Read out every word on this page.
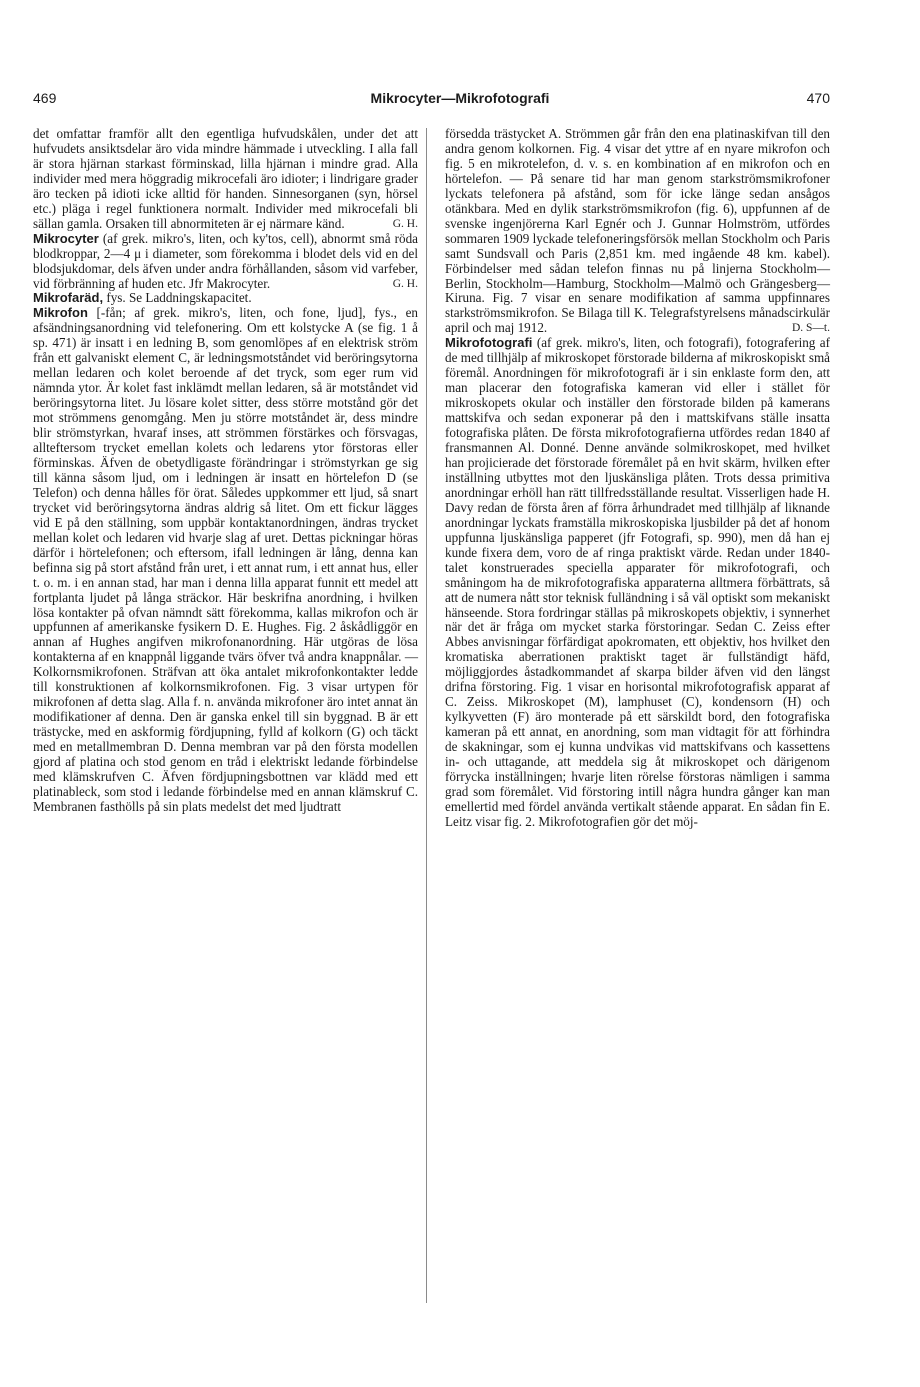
469	Mikrocyter—Mikrofotografi	470

det omfattar framför allt den egentliga hufvudskålen, under det att hufvudets ansiktsdelar äro vida mindre hämmade i utveckling. I alla fall är stora hjärnan starkast förminskad, lilla hjärnan i mindre grad. Alla individer med mera höggradig mikrocefali äro idioter; i lindrigare grader äro tecken på idioti icke alltid för handen. Sinnesorganen (syn, hörsel etc.) pläga i regel funktionera normalt. Individer med mikrocefali bli sällan gamla. Orsaken till abnormiteten är ej närmare känd.	G. H.

Mikrocyter (af grek. mikro's, liten, och ky'tos, cell), abnormt små röda blodkroppar, 2—4 μ i diameter, som förekomma i blodet dels vid en del blodsjukdomar, dels äfven under andra förhållanden, såsom vid varfeber, vid förbränning af huden etc. Jfr Makrocyter.	G. H.

Mikrofaräd, fys. Se Laddningskapacitet.

Mikrofon [-fån; af grek. mikro's, liten, och fone, ljud], fys., en afsändningsanordning vid telefonering. Om ett kolstycke A (se fig. 1 å sp. 471) är insatt i en ledning B, som genomlöpes af en elektrisk ström från ett galvaniskt element C, är ledningsmotståndet vid beröringsytorna mellan ledaren och kolet beroende af det tryck, som eger rum vid nämnda ytor. Är kolet fast inklämdt mellan ledaren, så är motståndet vid beröringsytorna litet. Ju lösare kolet sitter, dess större motstånd gör det mot strömmens genomgång. Men ju större motståndet är, dess mindre blir strömstyrkan, hvaraf inses, att strömmen förstärkes och försvagas, allteftersom trycket emellan kolets och ledarens ytor förstoras eller förminskas. Äfven de obetydligaste förändringar i strömstyrkan ge sig till känna såsom ljud, om i ledningen är insatt en hörtelefon D (se Telefon) och denna hålles för örat. Således uppkommer ett ljud, så snart trycket vid beröringsytorna ändras aldrig så litet. Om ett fickur lägges vid E på den ställning, som uppbär kontaktanordningen, ändras trycket mellan kolet och ledaren vid hvarje slag af uret. Dettas pickningar höras därför i hörtelefonen; och eftersom, ifall ledningen är lång, denna kan befinna sig på stort afstånd från uret, i ett annat rum, i ett annat hus, eller t. o. m. i en annan stad, har man i denna lilla apparat funnit ett medel att fortplanta ljudet på långa sträckor. Här beskrifna anordning, i hvilken lösa kontakter på ofvan nämndt sätt förekomma, kallas mikrofon och är uppfunnen af amerikanske fysikern D. E. Hughes. Fig. 2 åskådliggör en annan af Hughes angifven mikrofonanordning. Här utgöras de lösa kontakterna af en knappnål liggande tvärs öfver två andra knappnålar. — Kolkornsmikrofonen. Sträfvan att öka antalet mikrofonkontakter ledde till konstruktionen af kolkornsmikrofonen. Fig. 3 visar urtypen för mikrofonen af detta slag. Alla f. n. använda mikrofoner äro intet annat än modifikationer af denna. Den är ganska enkel till sin byggnad. B är ett trästycke, med en askformig fördjupning, fylld af kolkorn (G) och täckt med en metallmembran D. Denna membran var på den första modellen gjord af platina och stod genom en tråd i elektriskt ledande förbindelse med klämskrufven C. Äfven fördjupningsbottnen var klädd med ett platinableck, som stod i ledande förbindelse med en annan klämskruf C. Membranen fasthölls på sin plats medelst det med ljudtratt

försedda trästycket A. Strömmen går från den ena platinaskifvan till den andra genom kolkornen. Fig. 4 visar det yttre af en nyare mikrofon och fig. 5 en mikrotelefon, d. v. s. en kombination af en mikrofon och en hörtelefon. — På senare tid har man genom starkströmsmikrofoner lyckats telefonera på afstånd, som för icke länge sedan ansågos otänkbara. Med en dylik starkströmsmikrofon (fig. 6), uppfunnen af de svenske ingenjörerna Karl Egnér och J. Gunnar Holmström, utfördes sommaren 1909 lyckade telefoneringsförsök mellan Stockholm och Paris samt Sundsvall och Paris (2,851 km. med ingående 48 km. kabel). Förbindelser med sådan telefon finnas nu på linjerna Stockholm—Berlin, Stockholm—Hamburg, Stockholm—Malmö och Grängesberg—Kiruna. Fig. 7 visar en senare modifikation af samma uppfinnares starkströmsmikrofon. Se Bilaga till K. Telegrafstyrelsens månadscirkulär april och maj 1912.	D. S—t.

Mikrofotografi (af grek. mikro's, liten, och fotografi), fotografering af de med tillhjälp af mikroskopet förstorade bilderna af mikroskopiskt små föremål. Anordningen för mikrofotografi är i sin enklaste form den, att man placerar den fotografiska kameran vid eller i stället för mikroskopets okular och inställer den förstorade bilden på kamerans mattskifva och sedan exponerar på den i mattskifvans ställe insatta fotografiska plåten. De första mikrofotografierna utfördes redan 1840 af fransmannen Al. Donné. Denne använde solmikroskopet, med hvilket han projicierade det förstorade föremålet på en hvit skärm, hvilken efter inställning utbyttes mot den ljuskänsliga plåten. Trots dessa primitiva anordningar erhöll han rätt tillfredsställande resultat. Visserligen hade H. Davy redan de första åren af förra århundradet med tillhjälp af liknande anordningar lyckats framställa mikroskopiska ljusbilder på det af honom uppfunna ljuskänsliga papperet (jfr Fotografi, sp. 990), men då han ej kunde fixera dem, voro de af ringa praktiskt värde. Redan under 1840-talet konstruerades speciella apparater för mikrofotografi, och småningom ha de mikrofotografiska apparaterna alltmera förbättrats, så att de numera nått stor teknisk fulländning i så väl optiskt som mekaniskt hänseende. Stora fordringar ställas på mikroskopets objektiv, i synnerhet när det är fråga om mycket starka förstoringar. Sedan C. Zeiss efter Abbes anvisningar förfärdigat apokromaten, ett objektiv, hos hvilket den kromatiska aberrationen praktiskt taget är fullständigt häfd, möjliggjordes åstadkommandet af skarpa bilder äfven vid den längst drifna förstoring. Fig. 1 visar en horisontal mikrofotografisk apparat af C. Zeiss. Mikroskopet (M), lamphuset (C), kondensorn (H) och kylkyvetten (F) äro monterade på ett särskildt bord, den fotografiska kameran på ett annat, en anordning, som man vidtagit för att förhindra de skakningar, som ej kunna undvikas vid mattskifvans och kassettens in- och uttagande, att meddela sig åt mikroskopet och därigenom förrycka inställningen; hvarje liten rörelse förstoras nämligen i samma grad som föremålet. Vid förstoring intill några hundra gånger kan man emellertid med fördel använda vertikalt stående apparat. En sådan fin E. Leitz visar fig. 2. Mikrofotografien gör det möj-
